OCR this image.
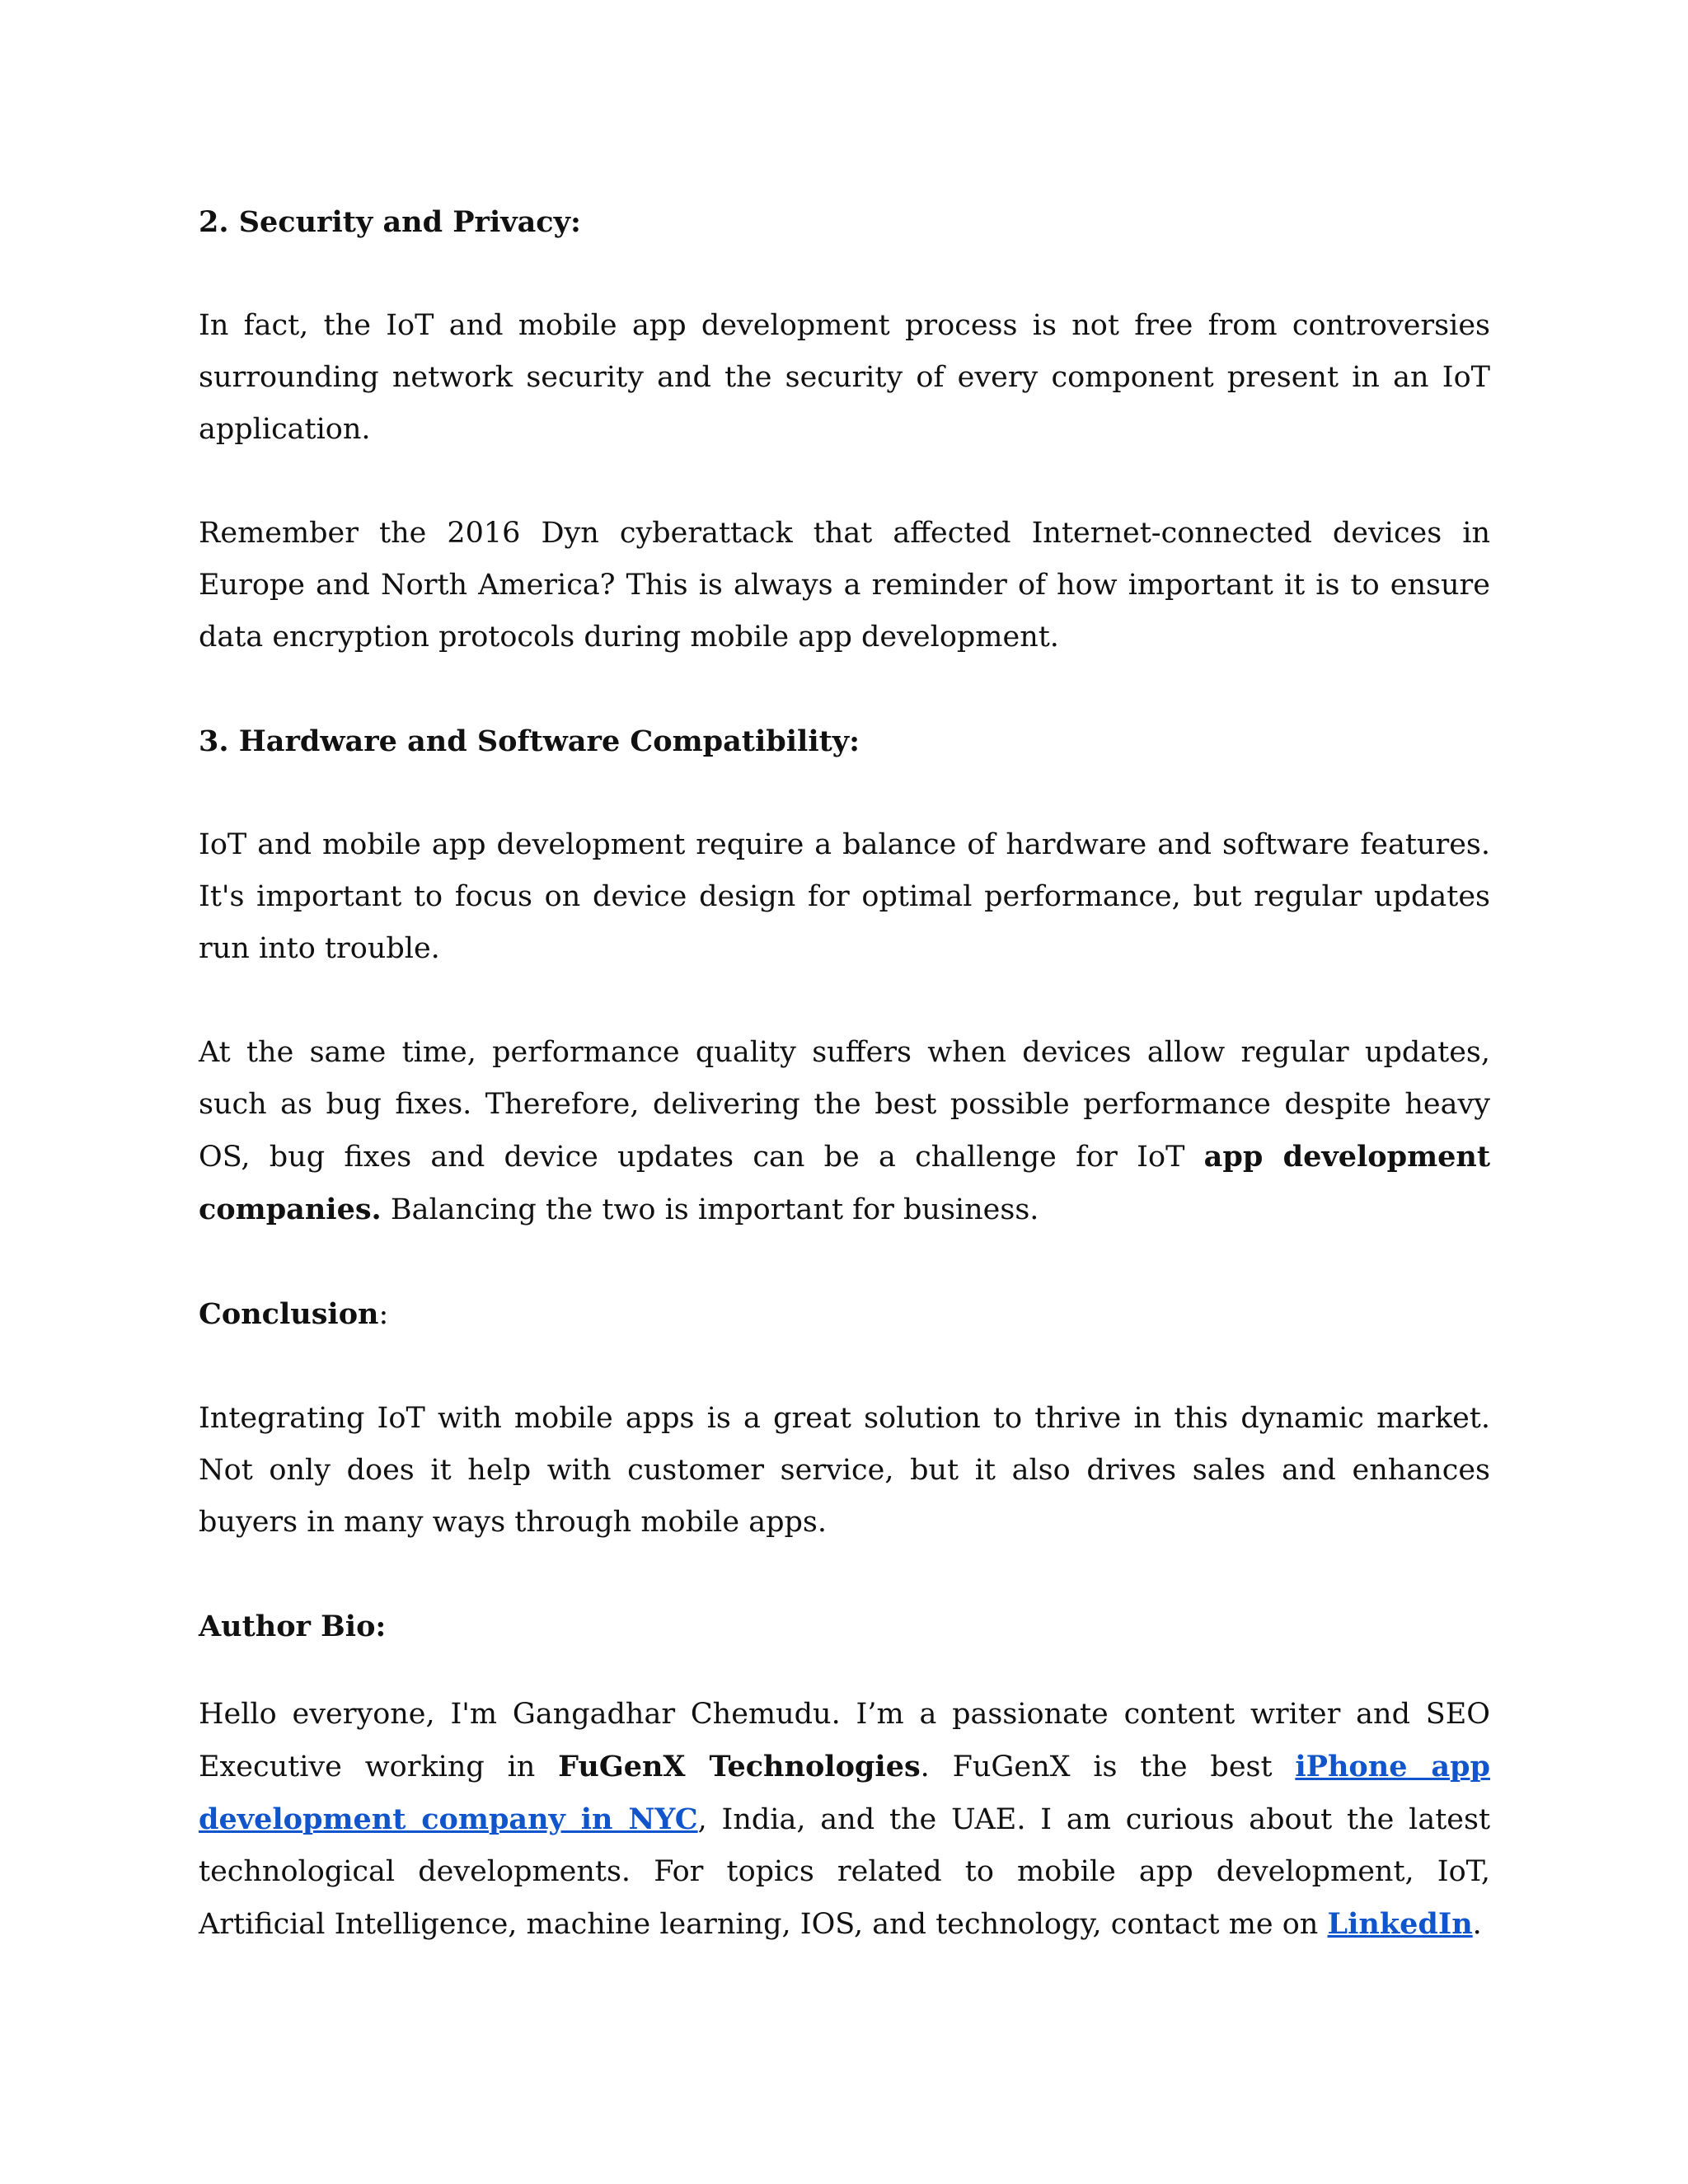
2. Security and Privacy:

In fact, the IoT and mobile app development process is not free from controversies surrounding network security and the security of every component present in an IoT application.

Remember the 2016 Dyn cyberattack that affected Internet-connected devices in Europe and North America? This is always a reminder of how important it is to ensure data encryption protocols during mobile app development.

3. Hardware and Software Compatibility:

IoT and mobile app development require a balance of hardware and software features. It's important to focus on device design for optimal performance, but regular updates run into trouble.

At the same time, performance quality suffers when devices allow regular updates, such as bug fixes. Therefore, delivering the best possible performance despite heavy OS, bug fixes and device updates can be a challenge for IoT app development companies. Balancing the two is important for business.

Conclusion:

Integrating IoT with mobile apps is a great solution to thrive in this dynamic market. Not only does it help with customer service, but it also drives sales and enhances buyers in many ways through mobile apps.

Author Bio:

Hello everyone, I'm Gangadhar Chemudu. I’m a passionate content writer and SEO Executive working in FuGenX Technologies. FuGenX is the best iPhone app development company in NYC, India, and the UAE. I am curious about the latest technological developments. For topics related to mobile app development, IoT, Artificial Intelligence, machine learning, IOS, and technology, contact me on LinkedIn.
